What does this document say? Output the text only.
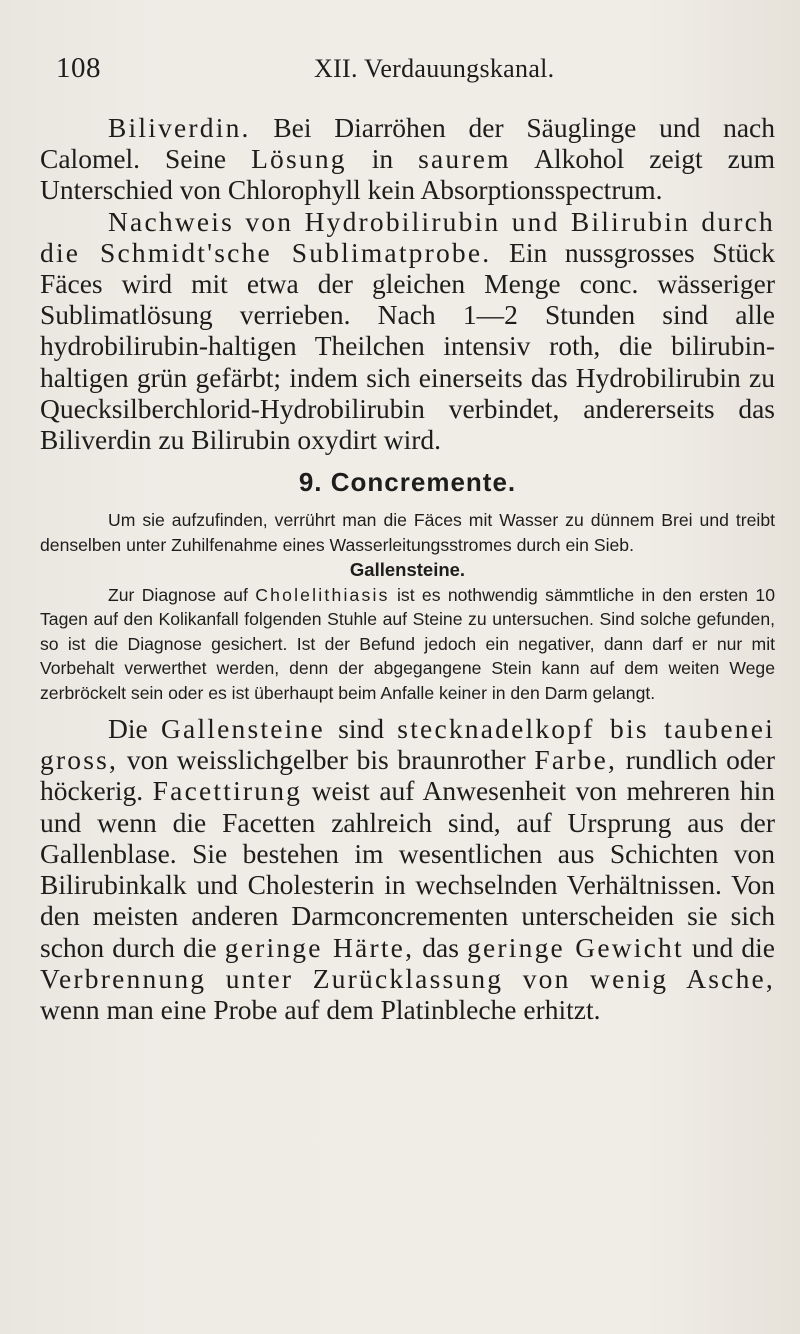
108	XII. Verdauungskanal.

Biliverdin. Bei Diarröhen der Säuglinge und nach Calomel. Seine Lösung in saurem Alkohol zeigt zum Unterschied von Chlorophyll kein Absorptionsspectrum.

Nachweis von Hydrobilirubin und Bilirubin durch die Schmidt'sche Sublimatprobe. Ein nussgrosses Stück Fäces wird mit etwa der gleichen Menge conc. wässeriger Sublimatlösung verrieben. Nach 1—2 Stunden sind alle hydrobilirubin-haltigen Theilchen intensiv roth, die bilirubin-haltigen grün gefärbt; indem sich einerseits das Hydrobilirubin zu Quecksilberchlorid-Hydrobilirubin verbindet, andererseits das Biliverdin zu Bilirubin oxydirt wird.

9. Concremente.

Um sie aufzufinden, verrührt man die Fäces mit Wasser zu dünnem Brei und treibt denselben unter Zuhilfenahme eines Wasserleitungsstromes durch ein Sieb.

Gallensteine.

Zur Diagnose auf Cholelithiasis ist es nothwendig sämmtliche in den ersten 10 Tagen auf den Kolikanfall folgenden Stuhle auf Steine zu untersuchen. Sind solche gefunden, so ist die Diagnose gesichert. Ist der Befund jedoch ein negativer, dann darf er nur mit Vorbehalt verwerthet werden, denn der abgegangene Stein kann auf dem weiten Wege zerbröckelt sein oder es ist überhaupt beim Anfalle keiner in den Darm gelangt.

Die Gallensteine sind stecknadelkopf bis taubenei gross, von weisslichgelber bis braunrother Farbe, rundlich oder höckerig. Facettirung weist auf Anwesenheit von mehreren hin und wenn die Facetten zahlreich sind, auf Ursprung aus der Gallenblase. Sie bestehen im wesentlichen aus Schichten von Bilirubinkalk und Cholesterin in wechselnden Verhältnissen. Von den meisten anderen Darmconcrementen unterscheiden sie sich schon durch die geringe Härte, das geringe Gewicht und die Verbrennung unter Zurücklassung von wenig Asche, wenn man eine Probe auf dem Platinbleche erhitzt.
